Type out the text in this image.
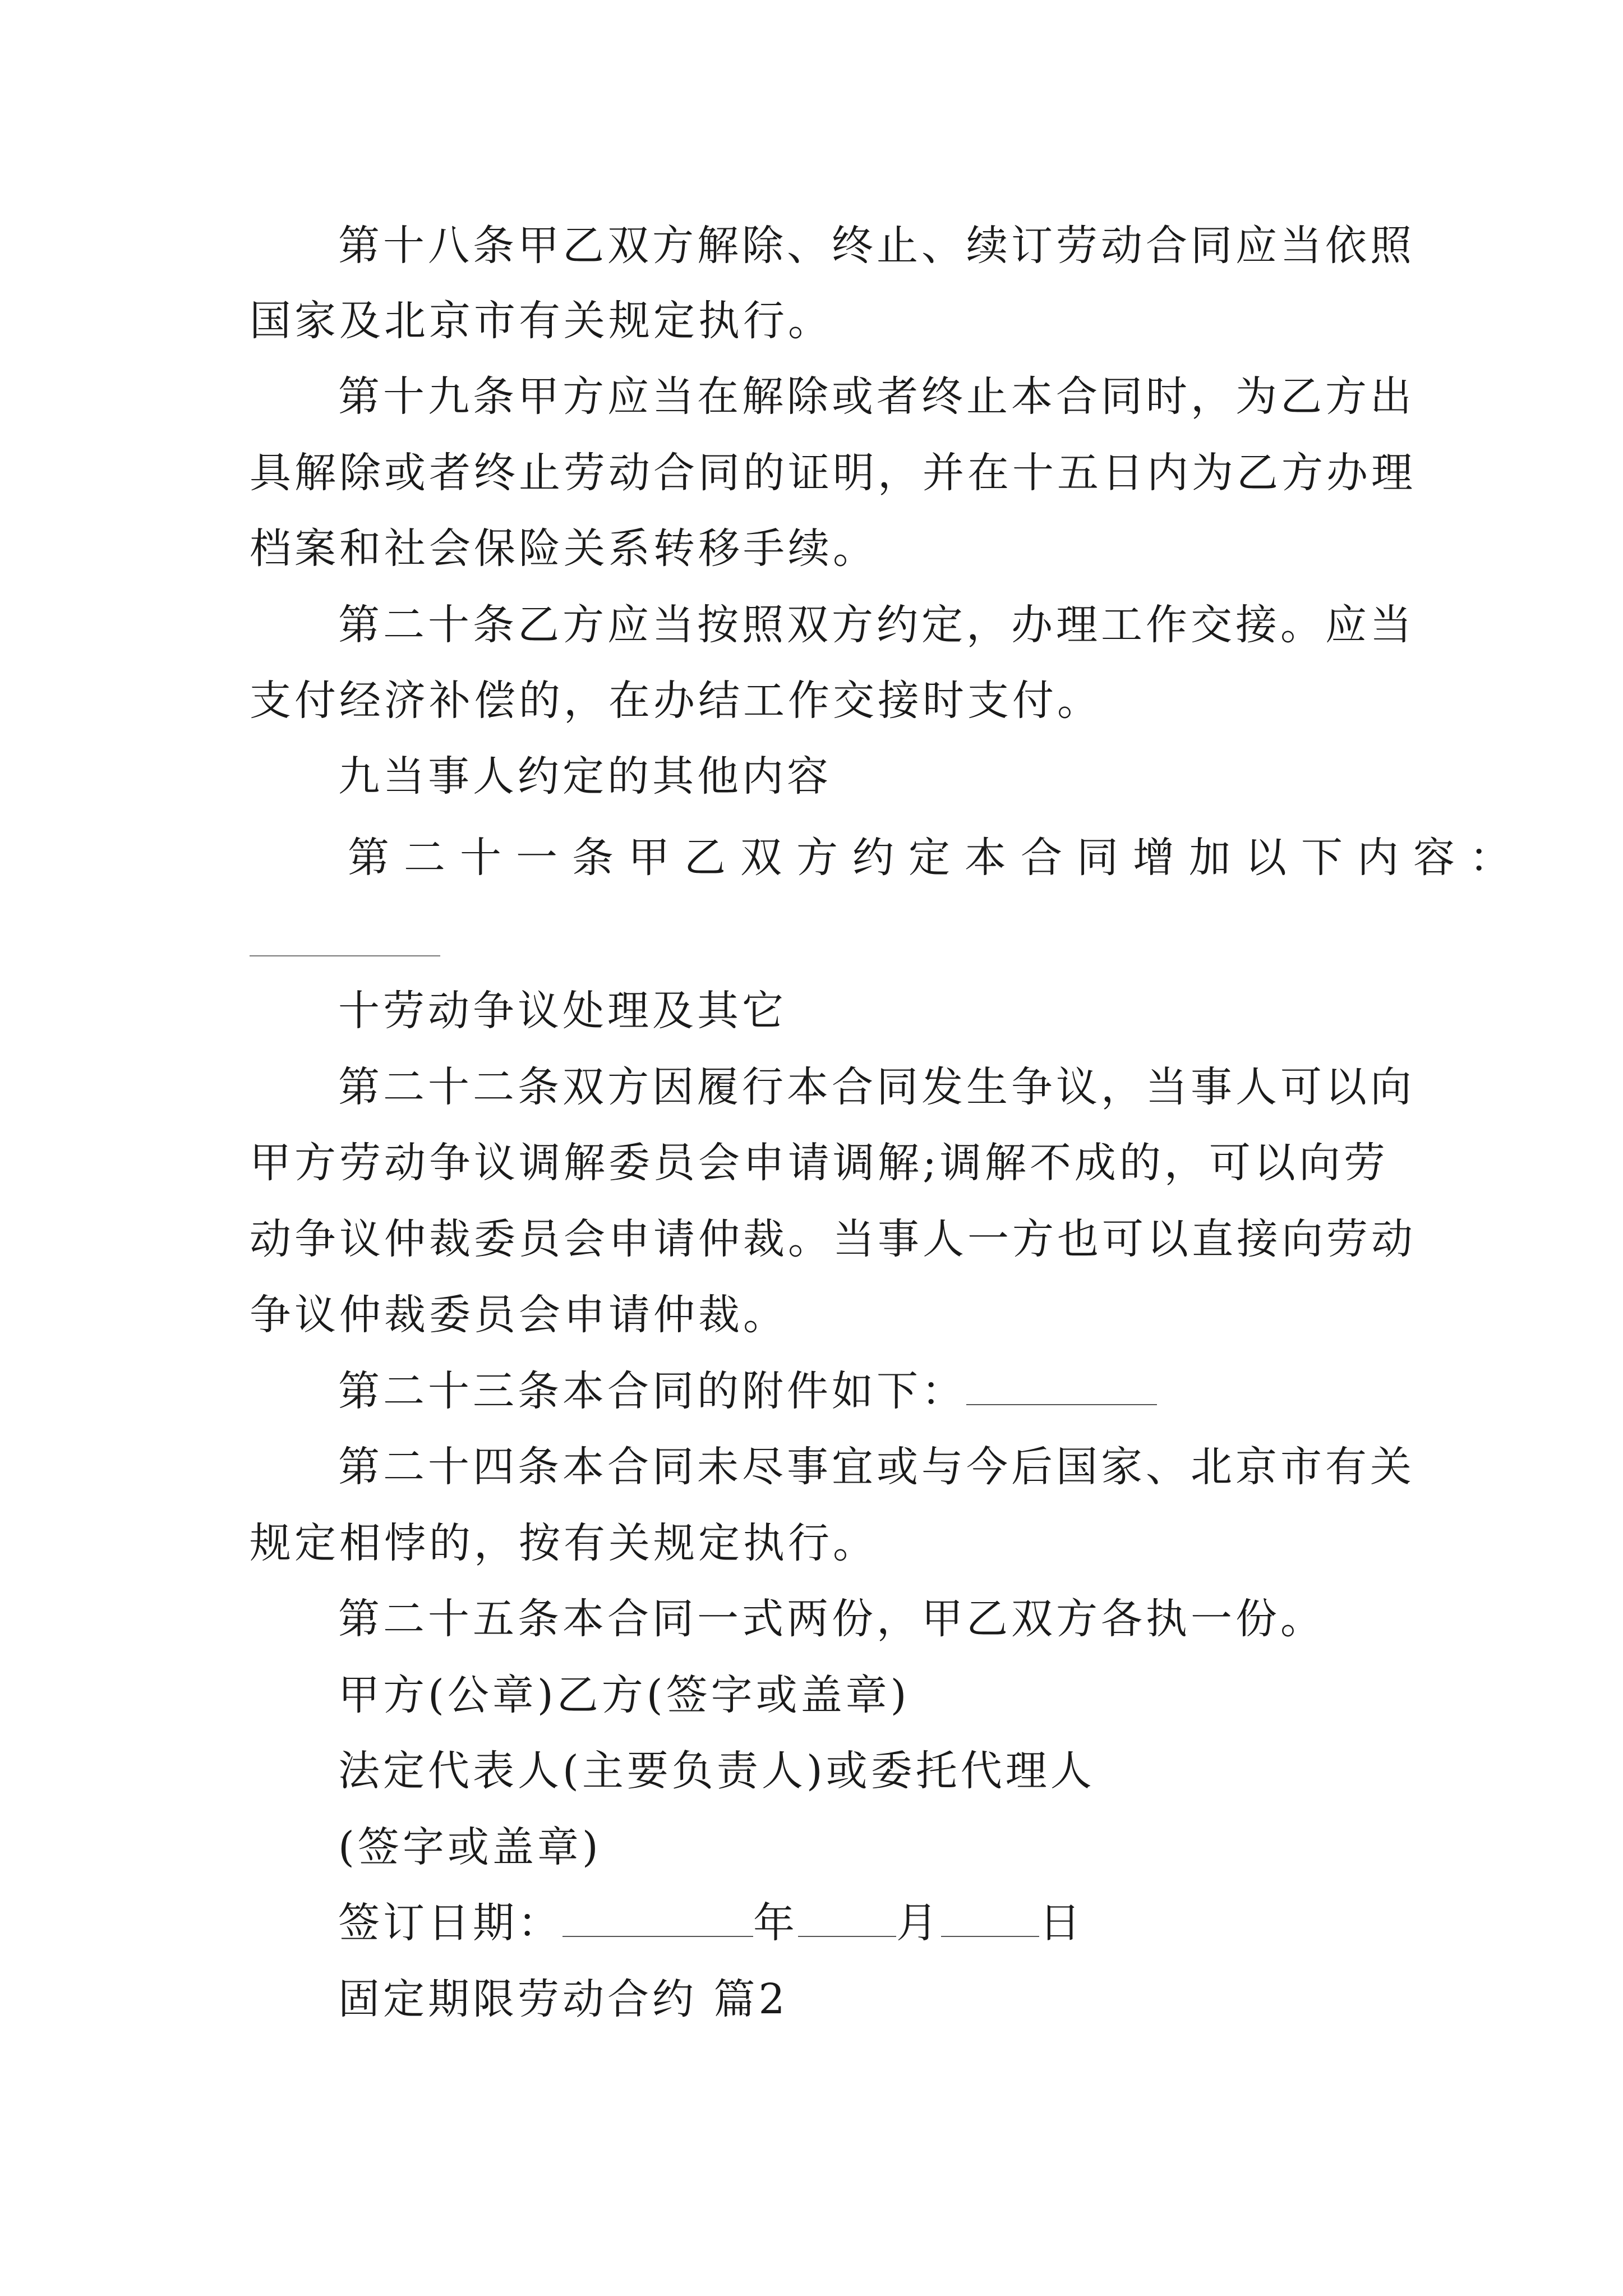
第十八条甲乙双方解除、终止、续订劳动合同应当依照
国家及北京市有关规定执行。
第十九条甲方应当在解除或者终止本合同时，为乙方出
具解除或者终止劳动合同的证明，并在十五日内为乙方办理
档案和社会保险关系转移手续。
第二十条乙方应当按照双方约定，办理工作交接。应当
支付经济补偿的，在办结工作交接时支付。
九当事人约定的其他内容
第二十一条甲乙双方约定本合同增加以下内容：
十劳动争议处理及其它
第二十二条双方因履行本合同发生争议，当事人可以向
甲方劳动争议调解委员会申请调解;调解不成的，可以向劳
动争议仲裁委员会申请仲裁。当事人一方也可以直接向劳动
争议仲裁委员会申请仲裁。
第二十三条本合同的附件如下：
第二十四条本合同未尽事宜或与今后国家、北京市有关
规定相悖的，按有关规定执行。
第二十五条本合同一式两份，甲乙双方各执一份。
甲方(公章)乙方(签字或盖章)
法定代表人(主要负责人)或委托代理人
(签字或盖章)
签订日期：	年 月 日
固定期限劳动合约 篇2
